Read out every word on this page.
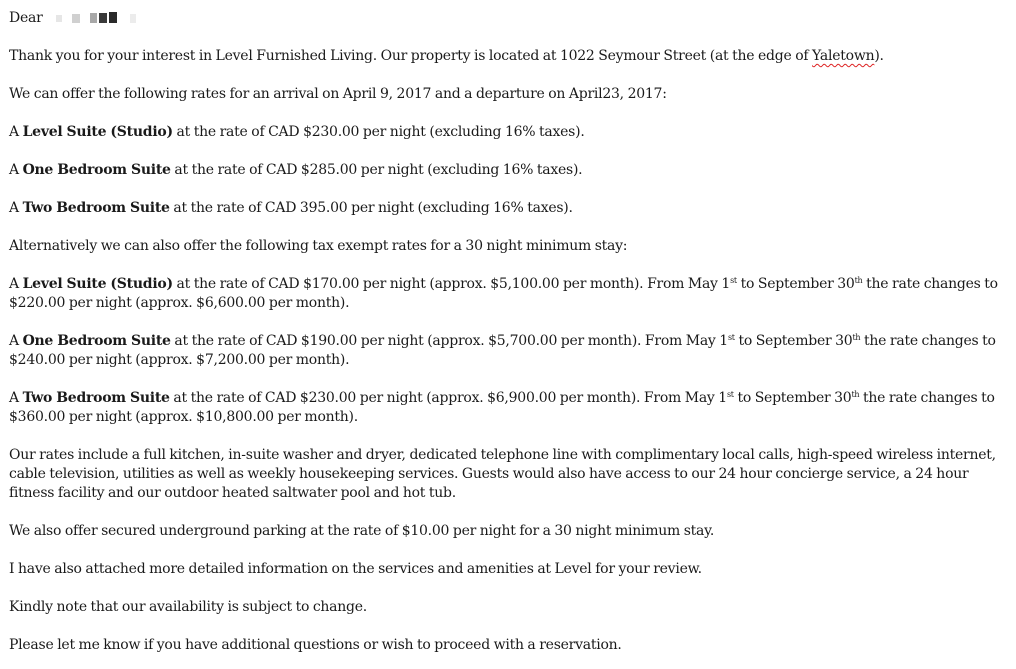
Dear
Thank you for your interest in Level Furnished Living. Our property is located at 1022 Seymour Street (at the edge of Yaletown).
We can offer the following rates for an arrival on April 9, 2017 and a departure on April23, 2017:
A Level Suite (Studio) at the rate of CAD $230.00 per night (excluding 16% taxes).
A One Bedroom Suite at the rate of CAD $285.00 per night (excluding 16% taxes).
A Two Bedroom Suite at the rate of CAD 395.00 per night (excluding 16% taxes).
Alternatively we can also offer the following tax exempt rates for a 30 night minimum stay:
A Level Suite (Studio) at the rate of CAD $170.00 per night (approx. $5,100.00 per month). From May 1st to September 30th the rate changes to
$220.00 per night (approx. $6,600.00 per month).
A One Bedroom Suite at the rate of CAD $190.00 per night (approx. $5,700.00 per month). From May 1st to September 30th the rate changes to
$240.00 per night (approx. $7,200.00 per month).
A Two Bedroom Suite at the rate of CAD $230.00 per night (approx. $6,900.00 per month). From May 1st to September 30th the rate changes to
$360.00 per night (approx. $10,800.00 per month).
Our rates include a full kitchen, in-suite washer and dryer, dedicated telephone line with complimentary local calls, high-speed wireless internet,
cable television, utilities as well as weekly housekeeping services. Guests would also have access to our 24 hour concierge service, a 24 hour
fitness facility and our outdoor heated saltwater pool and hot tub.
We also offer secured underground parking at the rate of $10.00 per night for a 30 night minimum stay.
I have also attached more detailed information on the services and amenities at Level for your review.
Kindly note that our availability is subject to change.
Please let me know if you have additional questions or wish to proceed with a reservation.
